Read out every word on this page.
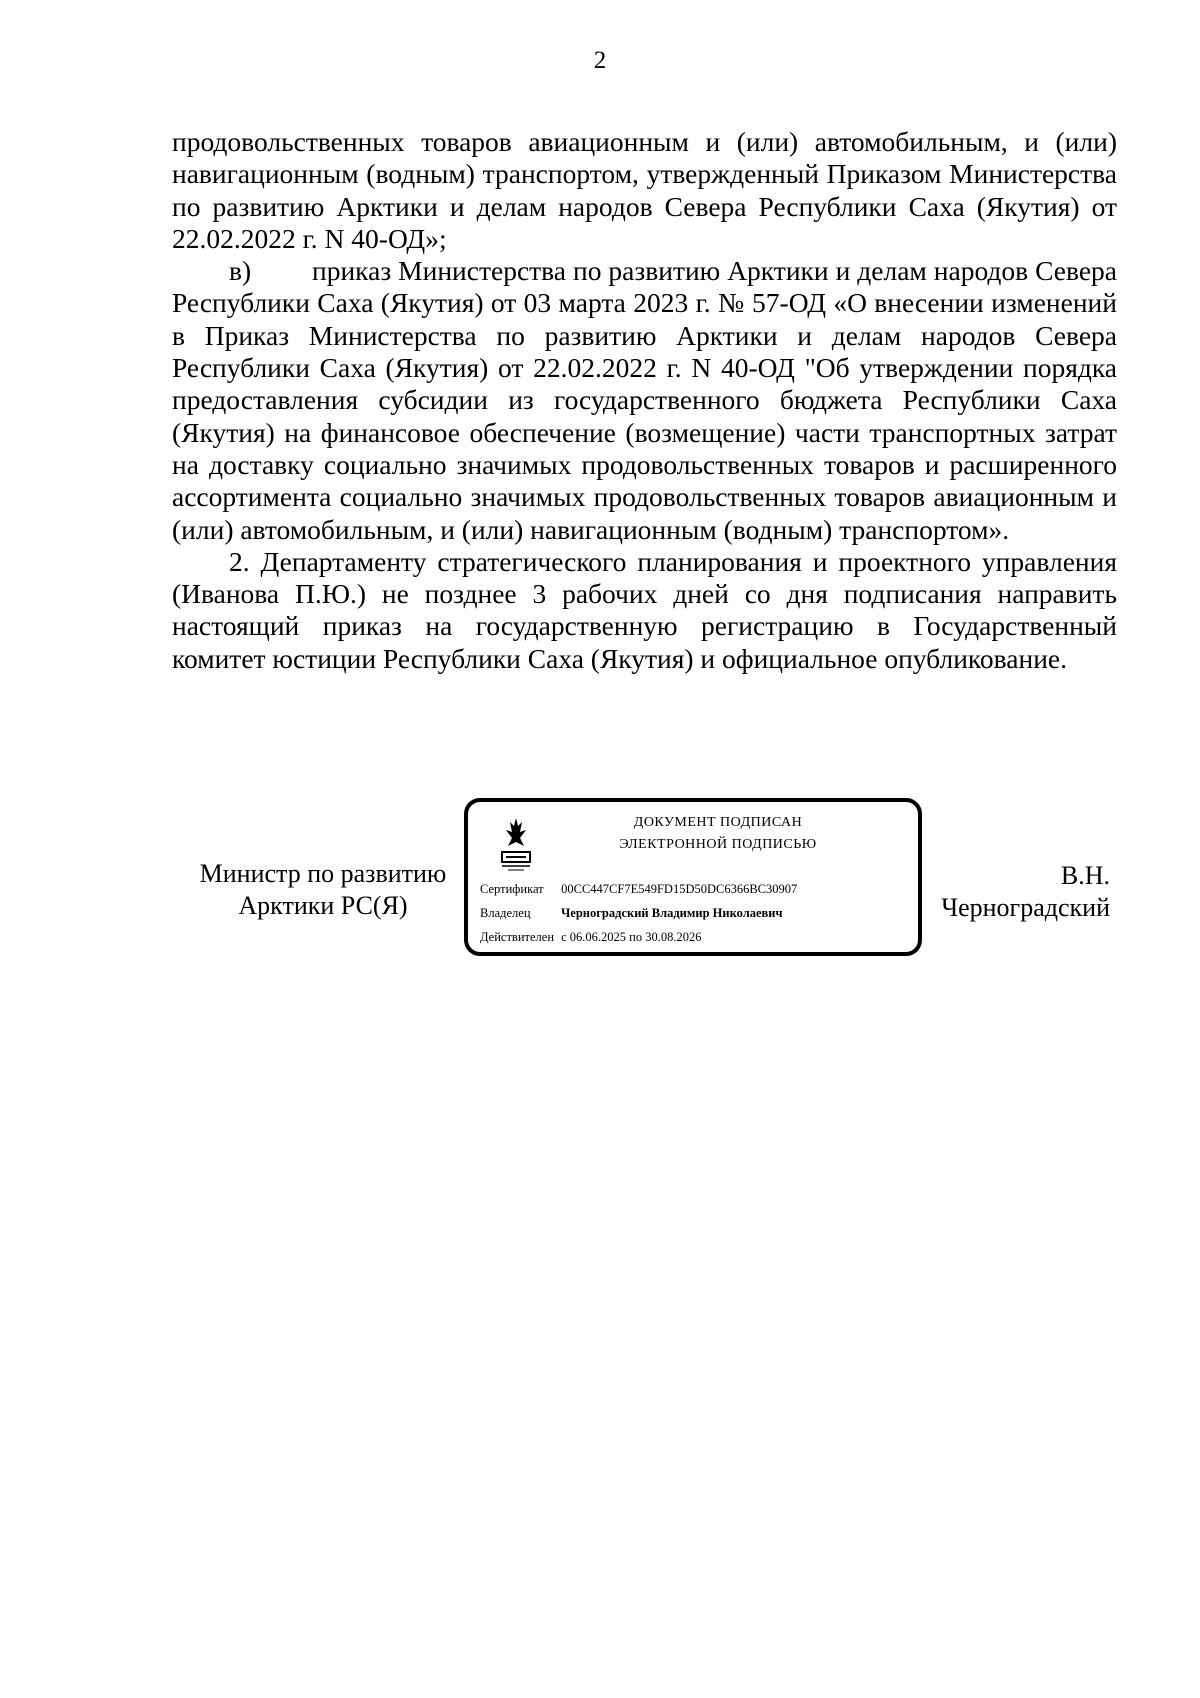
2

продовольственных товаров авиационным и (или) автомобильным, и (или) навигационным (водным) транспортом, утвержденный Приказом Министерства по развитию Арктики и делам народов Севера Республики Саха (Якутия) от 22.02.2022 г. N 40-ОД»;

в) приказ Министерства по развитию Арктики и делам народов Севера Республики Саха (Якутия) от 03 марта 2023 г. № 57-ОД «О внесении изменений в Приказ Министерства по развитию Арктики и делам народов Севера Республики Саха (Якутия) от 22.02.2022 г. N 40-ОД "Об утверждении порядка предоставления субсидии из государственного бюджета Республики Саха (Якутия) на финансовое обеспечение (возмещение) части транспортных затрат на доставку социально значимых продовольственных товаров и расширенного ассортимента социально значимых продовольственных товаров авиационным и (или) автомобильным, и (или) навигационным (водным) транспортом».

2. Департаменту стратегического планирования и проектного управления (Иванова П.Ю.) не позднее 3 рабочих дней со дня подписания направить настоящий приказ на государственную регистрацию в Государственный комитет юстиции Республики Саха (Якутия) и официальное опубликование.

Министр по развитию Арктики РС(Я)
ДОКУМЕНТ ПОДПИСАН
ЭЛЕКТРОННОЙ ПОДПИСЬЮ
Сертификат 00CC447CF7E549FD15D50DC6366BC30907
Владелец Черноградский Владимир Николаевич
Действителен с 06.06.2025 по 30.08.2026
В.Н. Черноградский
